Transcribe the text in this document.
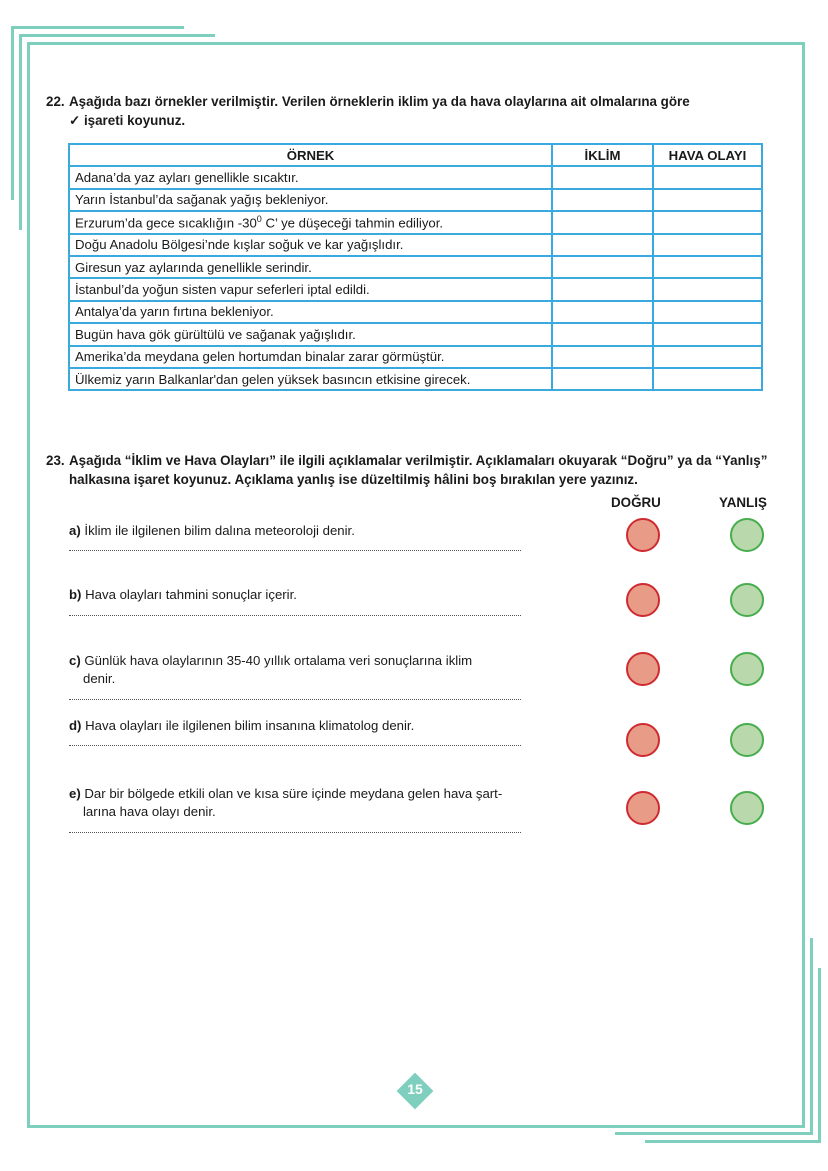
22. Aşağıda bazı örnekler verilmiştir. Verilen örneklerin iklim ya da hava olaylarına ait olmalarına göre
✓ işareti koyunuz.
ÖRNEK	İKLİM	HAVA OLAYI
Adana’da yaz ayları genellikle sıcaktır.		
Yarın İstanbul’da sağanak yağış bekleniyor.		
Erzurum’da gece sıcaklığın $-30^0$ C’ ye düşeceği tahmin ediliyor.		
Doğu Anadolu Bölgesi’nde kışlar soğuk ve kar yağışlıdır.		
Giresun yaz aylarında genellikle serindir.		
İstanbul’da yoğun sisten vapur seferleri iptal edildi.		
Antalya’da yarın fırtına bekleniyor.		
Bugün hava gök gürültülü ve sağanak yağışlıdır.		
Amerika’da meydana gelen hortumdan binalar zarar görmüştür.		
Ülkemiz yarın Balkanlar'dan gelen yüksek basıncın etkisine girecek.		
23. Aşağıda “İklim ve Hava Olayları” ile ilgili açıklamalar verilmiştir. Açıklamaları okuyarak “Doğru” ya da “Yanlış”
halkasına işaret koyunuz. Açıklama yanlış ise düzeltilmiş hâlini boş bırakılan yere yazınız.
DOĞRU	YANLIŞ
a) İklim ile ilgilenen bilim dalına meteoroloji denir.
b) Hava olayları tahmini sonuçlar içerir.
c) Günlük hava olaylarının 35-40 yıllık ortalama veri sonuçlarına iklim
denir.
d) Hava olayları ile ilgilenen bilim insanına klimatolog denir.
e) Dar bir bölgede etkili olan ve kısa süre içinde meydana gelen hava şart-
larına hava olayı denir.
15
